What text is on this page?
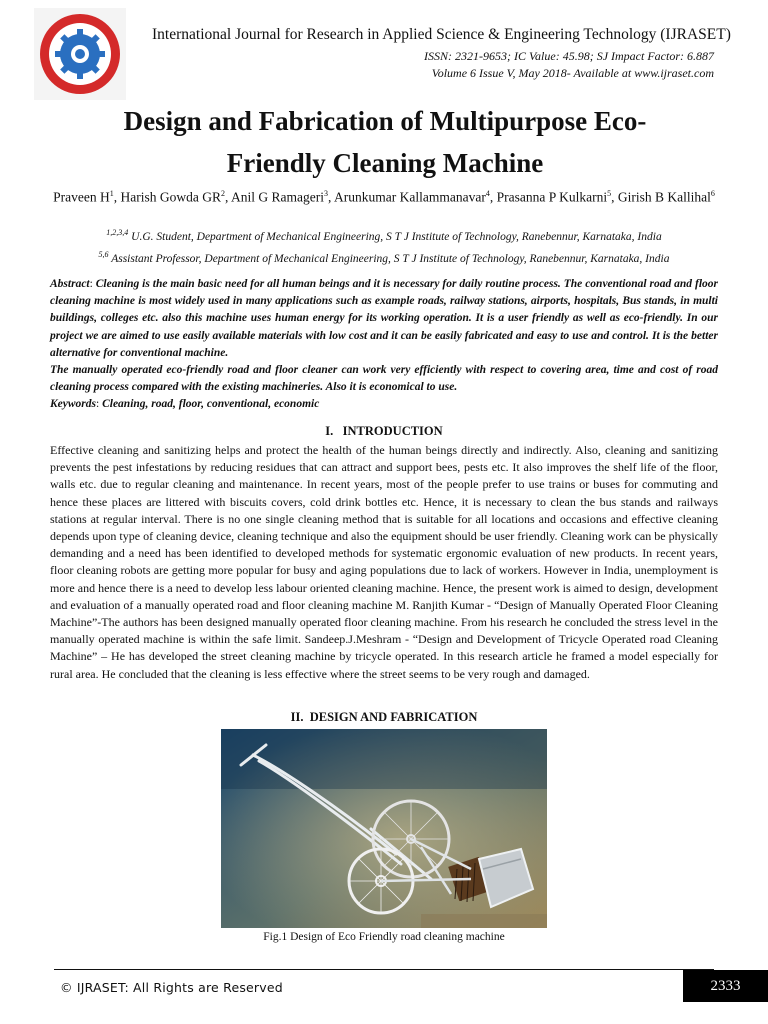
International Journal for Research in Applied Science & Engineering Technology (IJRASET)
ISSN: 2321-9653; IC Value: 45.98; SJ Impact Factor: 6.887
Volume 6 Issue V, May 2018- Available at www.ijraset.com
Design and Fabrication of Multipurpose Eco-
Friendly Cleaning Machine
Praveen $H^1$, Harish Gowda $GR^2$, Anil G Ramageri$^3$, Arunkumar Kallammanavar$^4$, Prasanna P Kulkarni$^5$, Girish B Kallihal$^6$
$^{1,2,3,4}$ U.G. Student, Department of Mechanical Engineering, S T J Institute of Technology, Ranebennur, Karnataka, India
$^{5,6}$ Assistant Professor, Department of Mechanical Engineering, S T J Institute of Technology, Ranebennur, Karnataka, India

Abstract: Cleaning is the main basic need for all human beings and it is necessary for daily routine process. The conventional road and floor cleaning machine is most widely used in many applications such as example roads, railway stations, airports, hospitals, Bus stands, in multi buildings, colleges etc. also this machine uses human energy for its working operation. It is a user friendly as well as eco-friendly. In our project we are aimed to use easily available materials with low cost and it can be easily fabricated and easy to use and control. It is the better alternative for conventional machine.

The manually operated eco-friendly road and floor cleaner can work very efficiently with respect to covering area, time and cost of road cleaning process compared with the existing machineries. Also it is economical to use.

Keywords: Cleaning, road, floor, conventional, economic

I.   INTRODUCTION

Effective cleaning and sanitizing helps and protect the health of the human beings directly and indirectly. Also, cleaning and sanitizing prevents the pest infestations by reducing residues that can attract and support bees, pests etc. It also improves the shelf life of the floor, walls etc. due to regular cleaning and maintenance. In recent years, most of the people prefer to use trains or buses for commuting and hence these places are littered with biscuits covers, cold drink bottles etc. Hence, it is necessary to clean the bus stands and railways stations at regular interval. There is no one single cleaning method that is suitable for all locations and occasions and effective cleaning depends upon type of cleaning device, cleaning technique and also the equipment should be user friendly. Cleaning work can be physically demanding and a need has been identified to developed methods for systematic ergonomic evaluation of new products. In recent years, floor cleaning robots are getting more popular for busy and aging populations due to lack of workers. However in India, unemployment is more and hence there is a need to develop less labour oriented cleaning machine. Hence, the present work is aimed to design, development and evaluation of a manually operated road and floor cleaning machine M. Ranjith Kumar - “Design of Manually Operated Floor Cleaning Machine”-The authors has been designed manually operated floor cleaning machine. From his research he concluded the stress level in the manually operated machine is within the safe limit. Sandeep.J.Meshram - “Design and Development of Tricycle Operated road Cleaning Machine” – He has developed the street cleaning machine by tricycle operated. In this research article he framed a model especially for rural area. He concluded that the cleaning is less effective where the street seems to be very rough and damaged.

II.  DESIGN AND FABRICATION
Fig.1 Design of Eco Friendly road cleaning machine
© IJRASET: All Rights are Reserved	2333
